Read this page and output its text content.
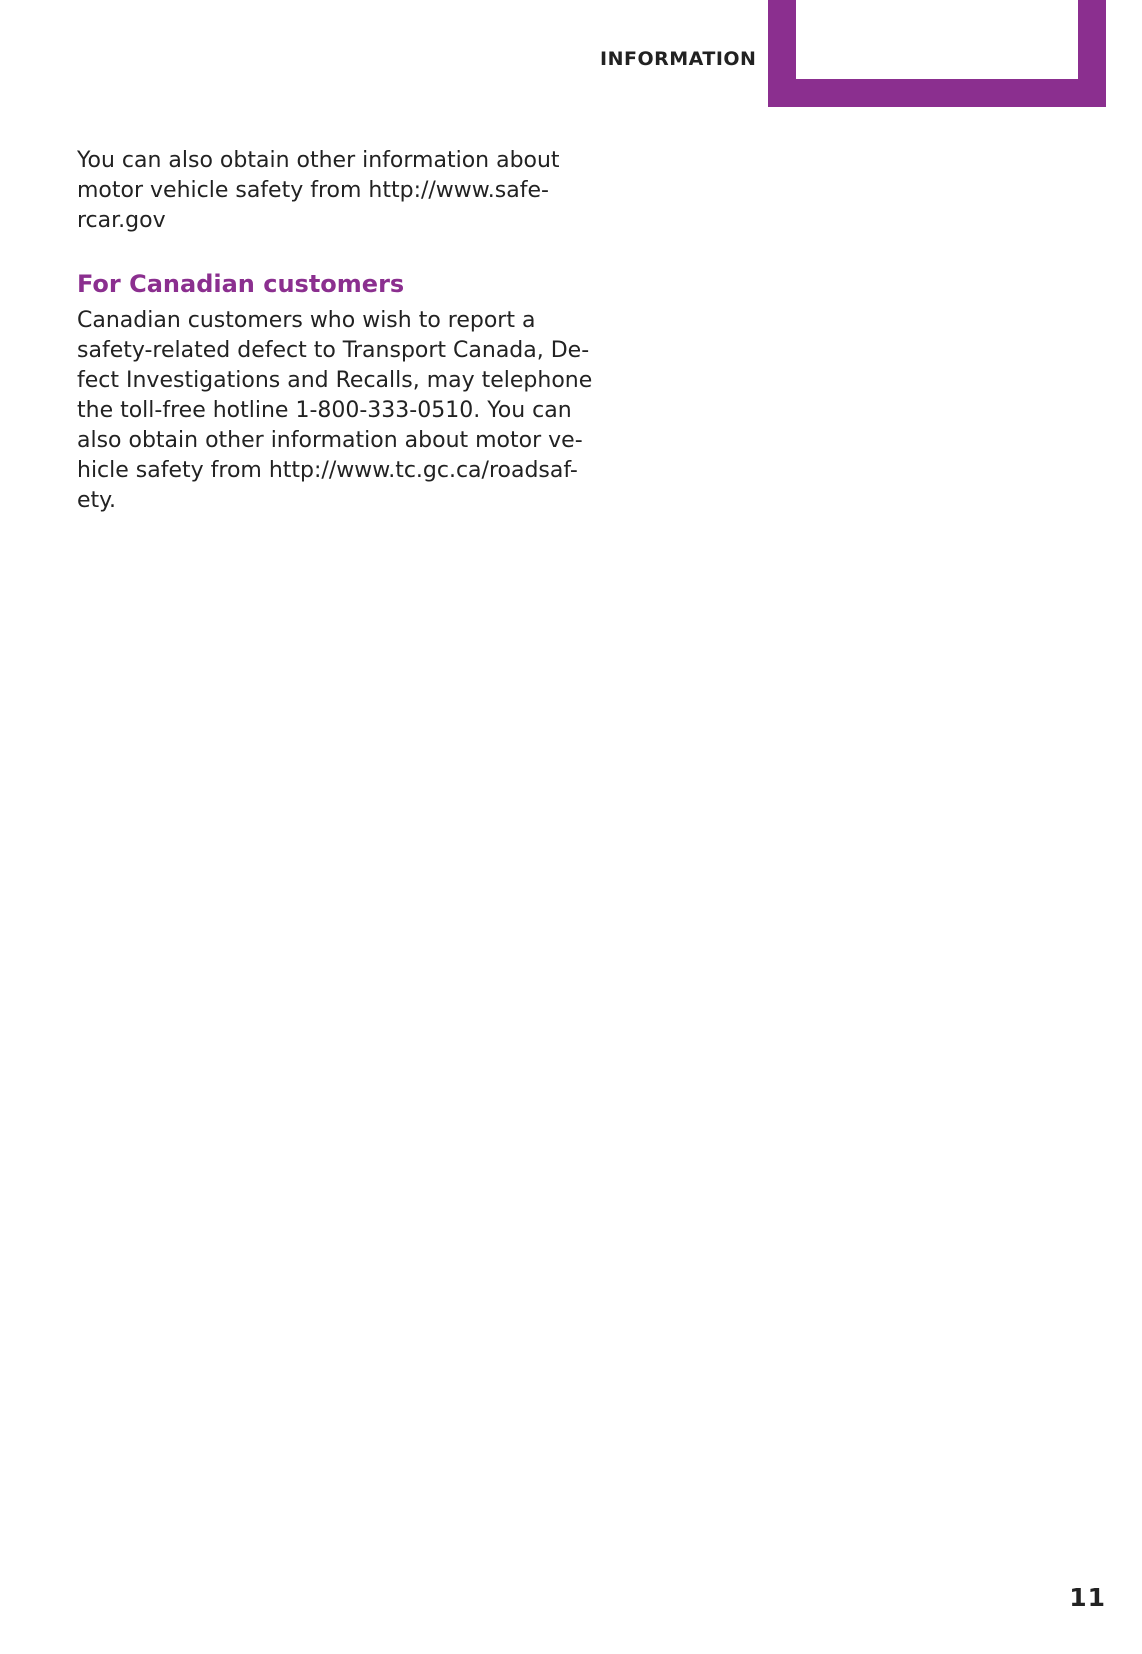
INFORMATION

You can also obtain other information about
motor vehicle safety from http://www.safe-
rcar.gov

For Canadian customers

Canadian customers who wish to report a
safety-related defect to Transport Canada, De-
fect Investigations and Recalls, may telephone
the toll-free hotline 1-800-333-0510. You can
also obtain other information about motor ve-
hicle safety from http://www.tc.gc.ca/roadsaf-
ety.

11
